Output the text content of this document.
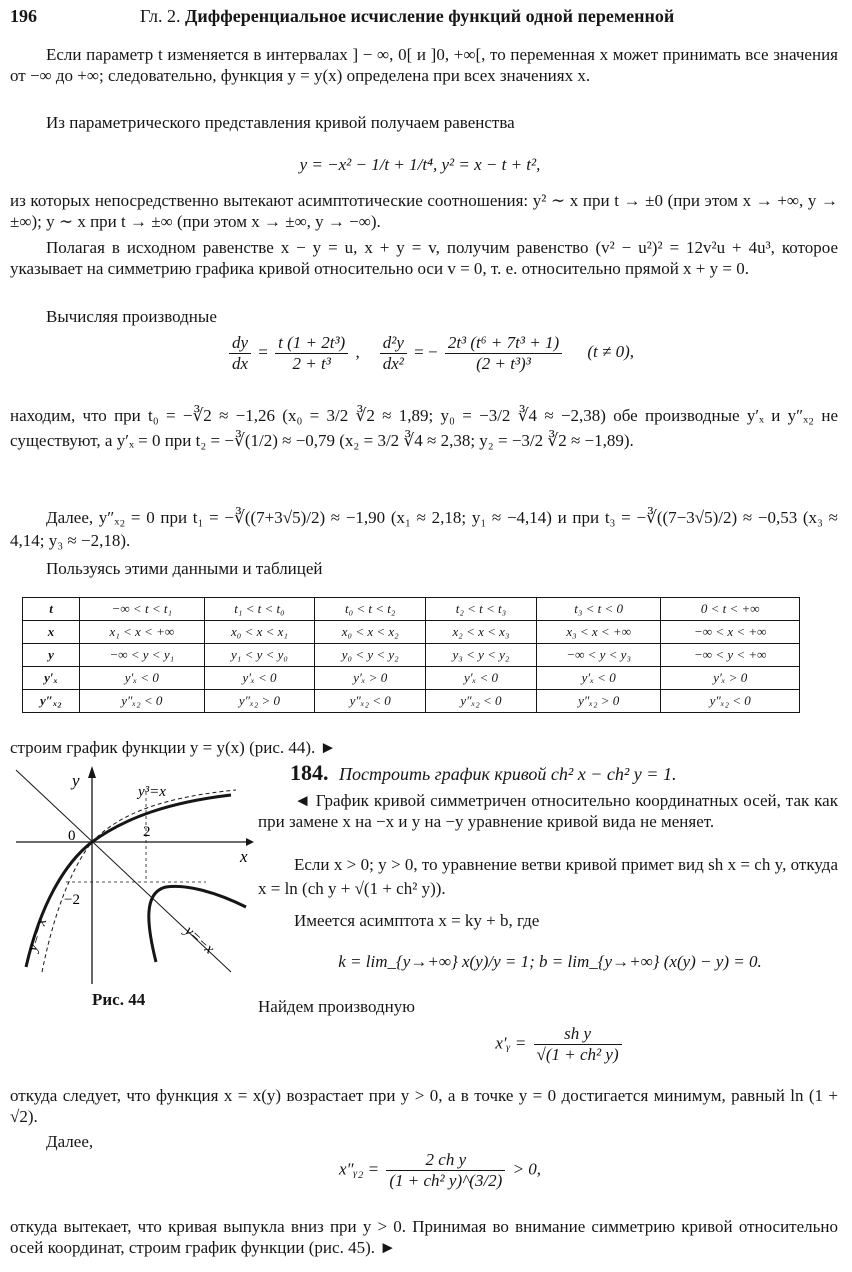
196	Гл. 2. Дифференциальное исчисление функций одной переменной

Если параметр t изменяется в интервалах ] − ∞, 0[ и ]0, +∞[, то переменная x может принимать все значения от −∞ до +∞; следовательно, функция y = y(x) определена при всех значениях x.

Из параметрического представления кривой получаем равенства

y = −x² − 1/t + 1/t⁴, y² = x − t + t²,

из которых непосредственно вытекают асимптотические соотношения: y² ∼ x при t → ±0 (при этом x → +∞, y → ±∞); y ∼ x при t → ±∞ (при этом x → ±∞, y → −∞).

Полагая в исходном равенстве x − y = u, x + y = v, получим равенство (v² − u²)² = 12v²u + 4u³, которое указывает на симметрию графика кривой относительно оси v = 0, т. е. относительно прямой x + y = 0.

Вычисляя производные

$\frac{dy}{dx} = \frac{\text{t (1 + 2t³)}}{\text{2 + t³}}$ , $\frac{\text{d²y}}{\text{dx²}}$ = − $\frac{\text{2t³ (t⁶ + 7t³ + 1)}}{\text{(2 + t³)³}} (t \ne 0)$,

находим, что при t₀ = −∛2 ≈ −1,26 (x₀ = 3/2 ∛2 ≈ 1,89; y₀ = −3/2 ∛4 ≈ −2,38) обе производные y′ₓ и y″ₓ₂ не существуют, а y′ₓ = 0 при t₂ = −∛(1/2) ≈ −0,79 (x₂ = 3/2 ∛4 ≈ 2,38; y₂ = −3/2 ∛2 ≈ −1,89).

Далее, y″ₓ₂ = 0 при t₁ = −∛((7+3√5)/2) ≈ −1,90 (x₁ ≈ 2,18; y₁ ≈ −4,14) и при t₃ = −∛((7−3√5)/2) ≈ −0,53 (x₃ ≈ 4,14; y₃ ≈ −2,18).

Пользуясь этими данными и таблицей

t	−∞ < t < t₁	t₁ < t < t₀	t₀ < t < t₂	t₂ < t < t₃	t₃ < t < 0	0 < t < +∞
x	x₁ < x < +∞	x₀ < x < x₁	x₀ < x < x₂	x₂ < x < x₃	x₃ < x < +∞	−∞ < x < +∞
y	−∞ < y < y₁	y₁ < y < y₀	y₀ < y < y₂	y₃ < y < y₂	−∞ < y < y₃	−∞ < y < +∞
y′ₓ	y′ₓ < 0	y′ₓ < 0	y′ₓ > 0	y′ₓ < 0	y′ₓ < 0	y′ₓ > 0
y″ₓ₂	y″ₓ₂ < 0	y″ₓ₂ > 0	y″ₓ₂ < 0	y″ₓ₂ < 0	y″ₓ₂ > 0	y″ₓ₂ < 0

строим график функции y = y(x) (рис. 44). ►

184. Построить график кривой ch² x − ch² y = 1.
y
x
0	2
−2
y³=x
y=−x	y=−x
Рис. 44

◄ График кривой симметричен относительно координатных осей, так как при замене x на −x и y на −y уравнение кривой вида не меняет.

Если x > 0; y > 0, то уравнение ветви кривой примет вид sh x = ch y, откуда x = ln (ch y + √(1 + ch² y)).

Имеется асимптота x = ky + b, где

k = lim_{y→+∞} x(y)/y = 1; b = lim_{y→+∞} (x(y) − y) = 0.

Найдем производную

x′ᵧ = $\frac{\text{sh y}}{\text{√(1 + ch² y)}}$

откуда следует, что функция x = x(y) возрастает при y > 0, а в точке y = 0 достигается минимум, равный ln (1 + √2).

Далее,

x″ᵧ₂ = $\frac{\text{2 ch y}}{\text{(1 + ch² y)\textasciicircum{}(3/2)}} > 0$,

откуда вытекает, что кривая выпукла вниз при y > 0. Принимая во внимание симметрию кривой относительно осей координат, строим график функции (рис. 45). ►
